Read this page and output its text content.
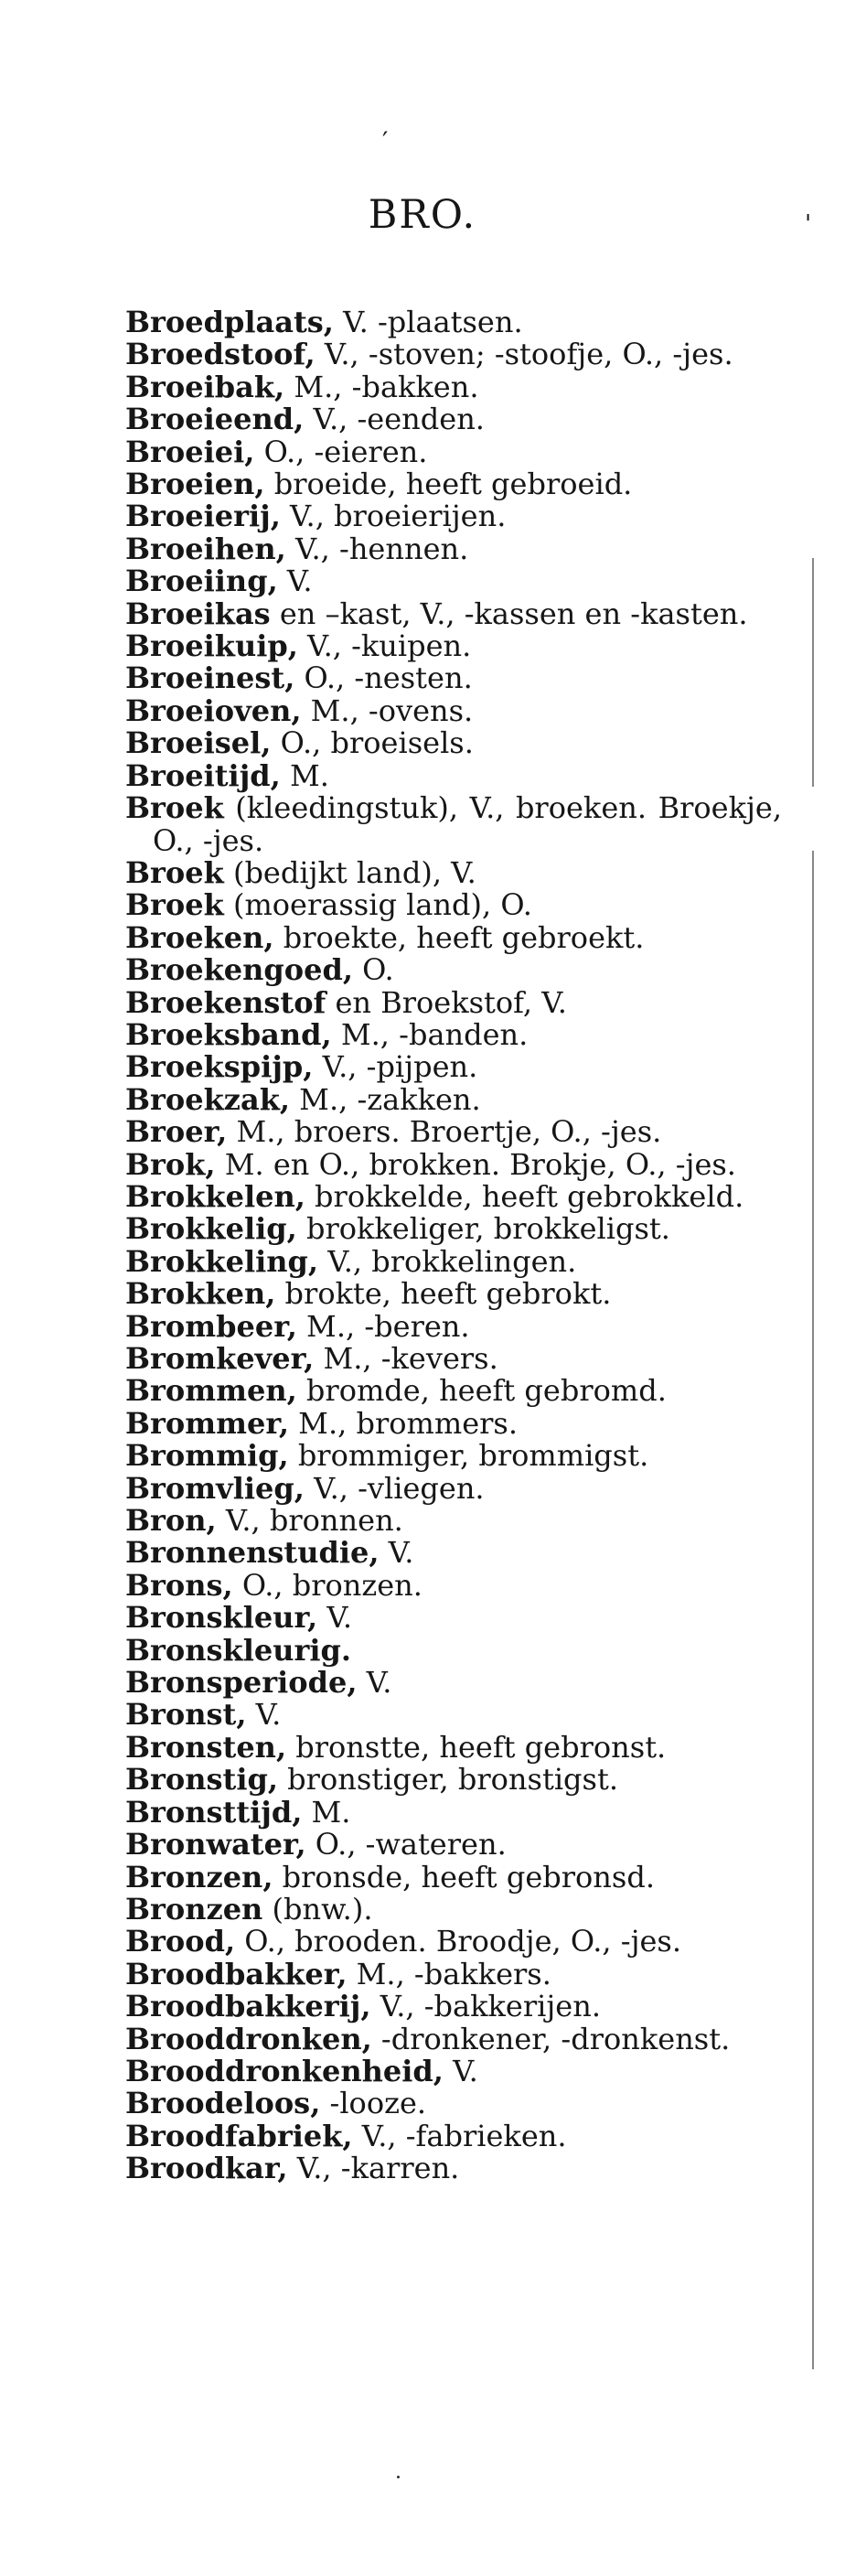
′
BRO.	'
Broedplaats, V. -plaatsen.
Broedstoof, V., -stoven; -stoofje, O., -jes.
Broeibak, M., -bakken.
Broeieend, V., -eenden.
Broeiei, O., -eieren.
Broeien, broeide, heeft gebroeid.
Broeierij, V., broeierijen.
Broeihen, V., -hennen.
Broeiing, V.
Broeikas en –kast, V., -kassen en -kasten.
Broeikuip, V., -kuipen.
Broeinest, O., -nesten.
Broeioven, M., -ovens.
Broeisel, O., broeisels.
Broeitijd, M.
Broek (kleedingstuk), V., broeken. Broekje, O., -jes.
Broek (bedijkt land), V.
Broek (moerassig land), O.
Broeken, broekte, heeft gebroekt.
Broekengoed, O.
Broekenstof en Broekstof, V.
Broeksband, M., -banden.
Broekspijp, V., -pijpen.
Broekzak, M., -zakken.
Broer, M., broers. Broertje, O., -jes.
Brok, M. en O., brokken. Brokje, O., -jes.
Brokkelen, brokkelde, heeft gebrokkeld.
Brokkelig, brokkeliger, brokkeligst.
Brokkeling, V., brokkelingen.
Brokken, brokte, heeft gebrokt.
Brombeer, M., -beren.
Bromkever, M., -kevers.
Brommen, bromde, heeft gebromd.
Brommer, M., brommers.
Brommig, brommiger, brommigst.
Bromvlieg, V., -vliegen.
Bron, V., bronnen.
Bronnenstudie, V.
Brons, O., bronzen.
Bronskleur, V.
Bronskleurig.
Bronsperiode, V.
Bronst, V.
Bronsten, bronstte, heeft gebronst.
Bronstig, bronstiger, bronstigst.
Bronsttijd, M.
Bronwater, O., -wateren.
Bronzen, bronsde, heeft gebronsd.
Bronzen (bnw.).
Brood, O., brooden. Broodje, O., -jes.
Broodbakker, M., -bakkers.
Broodbakkerij, V., -bakkerijen.
Brooddronken, -dronkener, -dronkenst.
Brooddronkenheid, V.
Broodeloos, -looze.
Broodfabriek, V., -fabrieken.
Broodkar, V., -karren.
.
